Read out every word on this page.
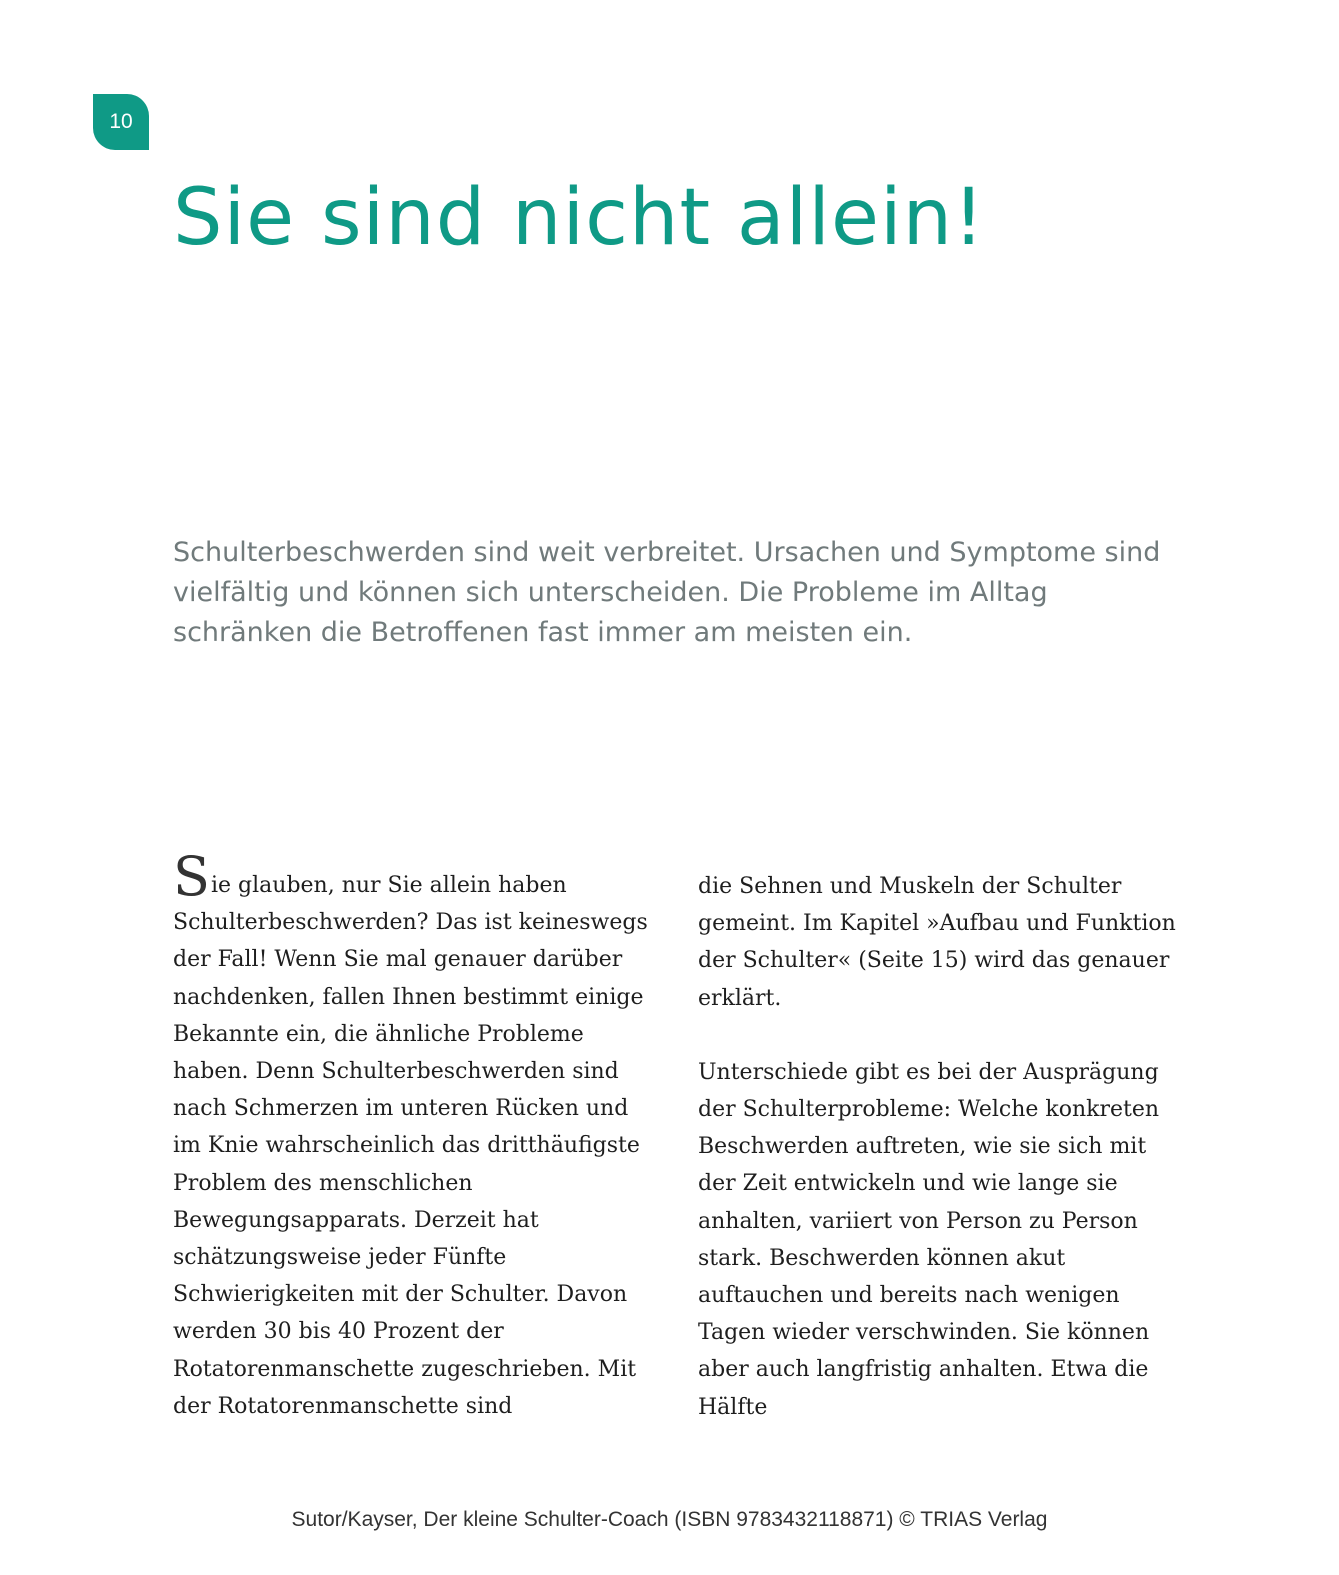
10
Sie sind nicht allein!

Schulterbeschwerden sind weit verbreitet. Ursachen und Symptome sind vielfältig und können sich unterscheiden. Die Probleme im Alltag schränken die Betroffenen fast immer am meisten ein.

Sie glauben, nur Sie allein haben Schulterbeschwerden? Das ist keineswegs der Fall! Wenn Sie mal genauer darüber nachdenken, fallen Ihnen bestimmt einige Bekannte ein, die ähnliche Probleme haben. Denn Schulterbeschwerden sind nach Schmerzen im unteren Rücken und im Knie wahrscheinlich das dritthäufigste Problem des menschlichen Bewegungsapparats. Derzeit hat schätzungsweise jeder Fünfte Schwierigkeiten mit der Schulter. Davon werden 30 bis 40 Prozent der Rotatorenmanschette zugeschrieben. Mit der Rotatorenmanschette sind

die Sehnen und Muskeln der Schulter gemeint. Im Kapitel »Aufbau und Funktion der Schulter« (Seite 15) wird das genauer erklärt.

Unterschiede gibt es bei der Ausprägung der Schulterprobleme: Welche konkreten Beschwerden auftreten, wie sie sich mit der Zeit entwickeln und wie lange sie anhalten, variiert von Person zu Person stark. Beschwerden können akut auftauchen und bereits nach wenigen Tagen wieder verschwinden. Sie können aber auch langfristig anhalten. Etwa die Hälfte

Sutor/Kayser, Der kleine Schulter-Coach (ISBN 9783432118871) © TRIAS Verlag
